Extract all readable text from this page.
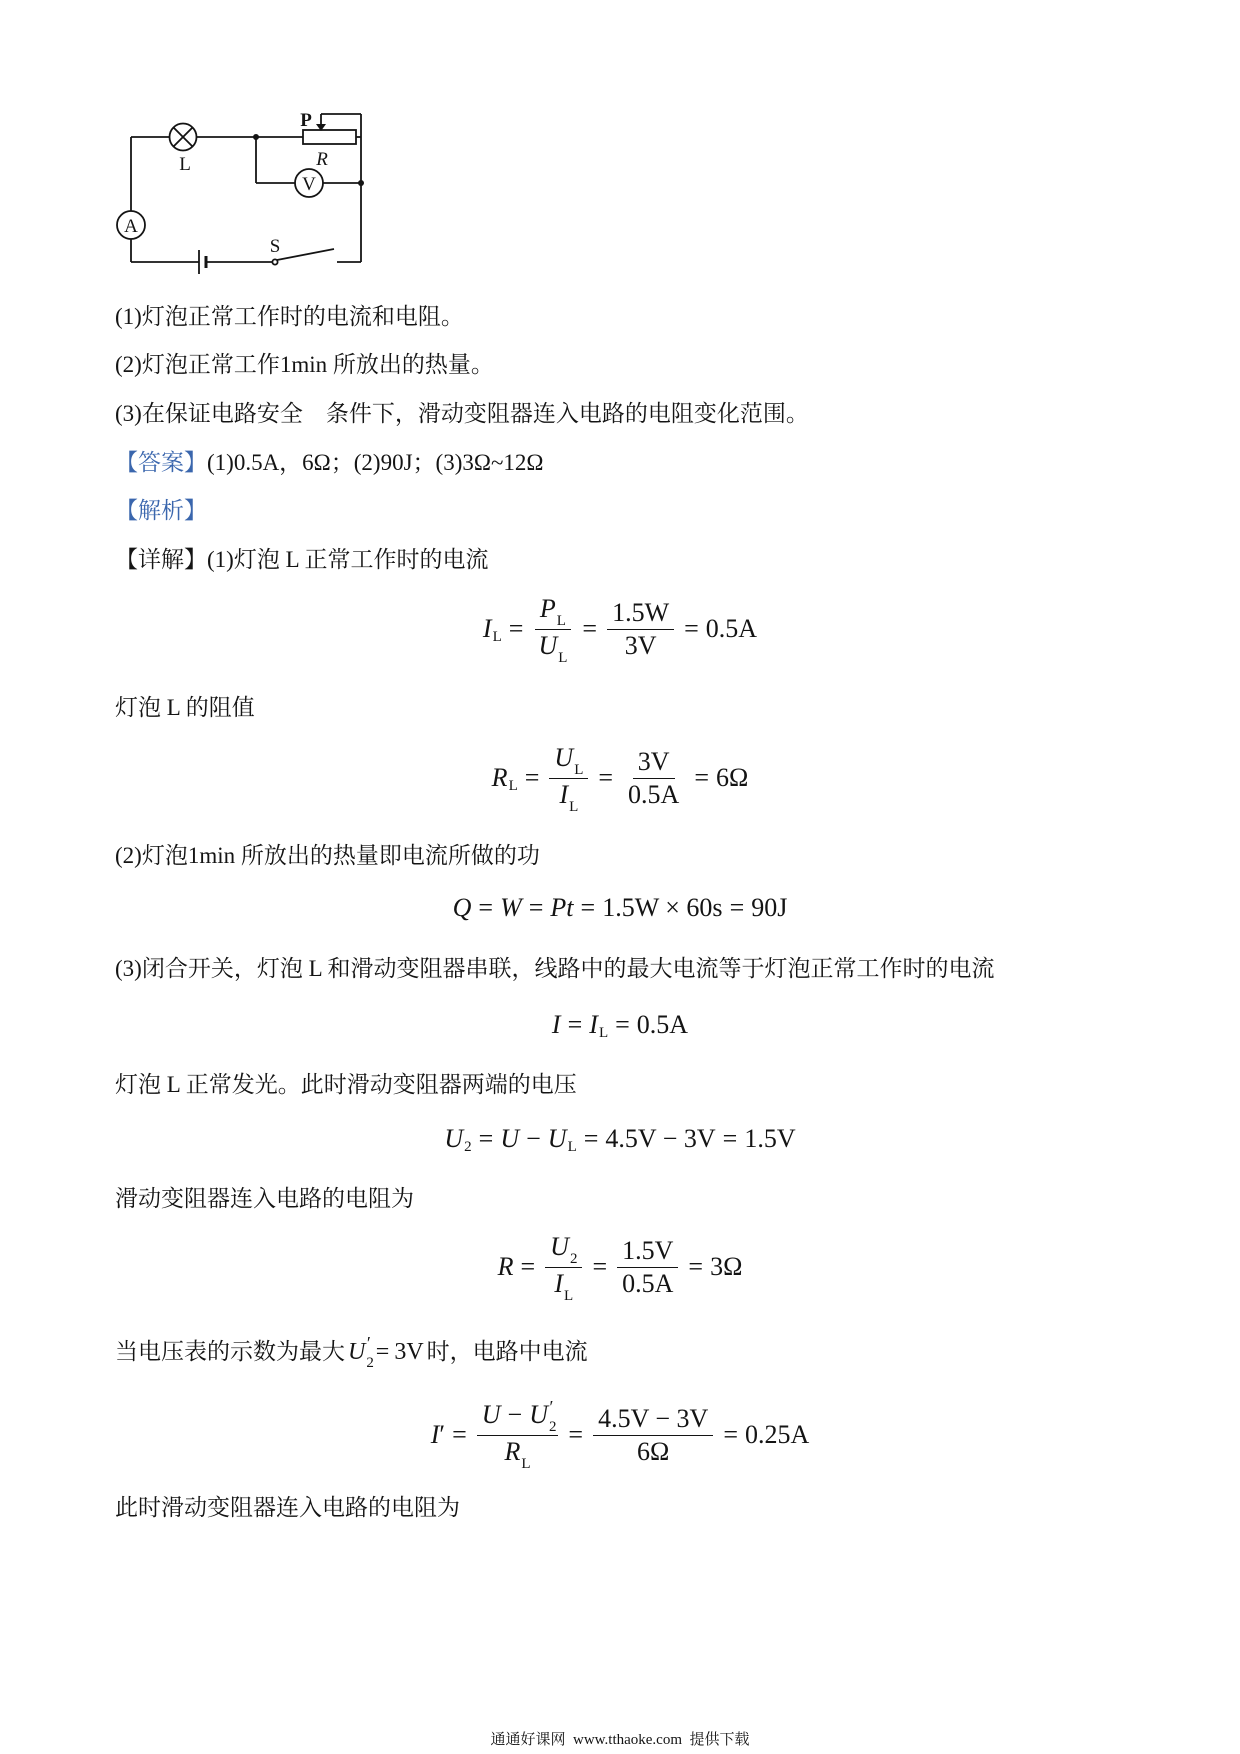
A
V
L
P
R
S
(1)灯泡正常工作时的电流和电阻。
(2)灯泡正常工作1min 所放出的热量。
(3)在保证电路安全　条件下，滑动变阻器连入电路的电阻变化范围。
【答案】(1)0.5A，6Ω；(2)90J；(3)3Ω~12Ω
【解析】
【详解】(1)灯泡 L 正常工作时的电流
I $L = \frac{P_L}{U_L} = \frac{1.5W}{3V} = 0.5A$
灯泡 L 的阻值
R $L = \frac{U_L}{I_L} = \frac{3V}{0.5A} = 6\Omega$
(2)灯泡1min 所放出的热量即电流所做的功
Q = W = Pt = 1.5W × 60s = 90J
(3)闭合开关，灯泡 L 和滑动变阻器串联，线路中的最大电流等于灯泡正常工作时的电流
I = I L = 0.5A
灯泡 L 正常发光。此时滑动变阻器两端的电压
U 2 = U − U L = 4.5V − 3V = 1.5V
滑动变阻器连入电路的电阻为
$R = \frac{U_2}{I_L} = \frac{1.5V}{0.5A} = 3\Omega$
当电压表的示数为最大 $U_2' = 3V$ 时，电路中电流
I ′ = $\frac{U - U_2'}{R_L} = \frac{4.5V - 3V}{6\Omega} = 0.25A$
此时滑动变阻器连入电路的电阻为
通通好课网  www.tthaoke.com  提供下载
